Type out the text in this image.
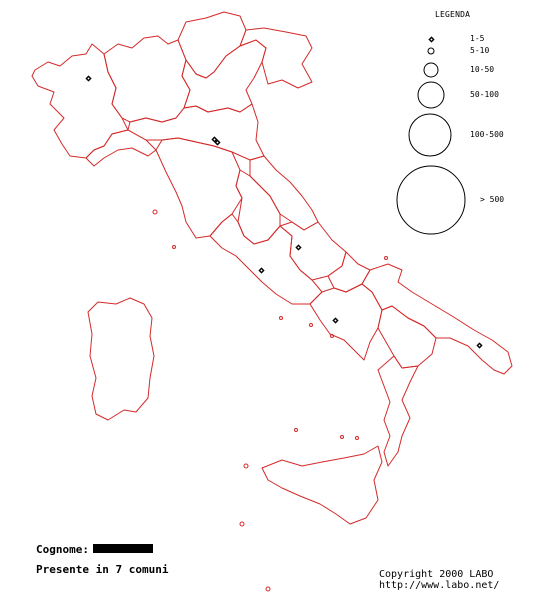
LEGENDA
1-5
5-10
10-50
50-100
100-500
> 500
Cognome:
Presente in 7 comuni	Copyright 2000 LABO
http://www.labo.net/
